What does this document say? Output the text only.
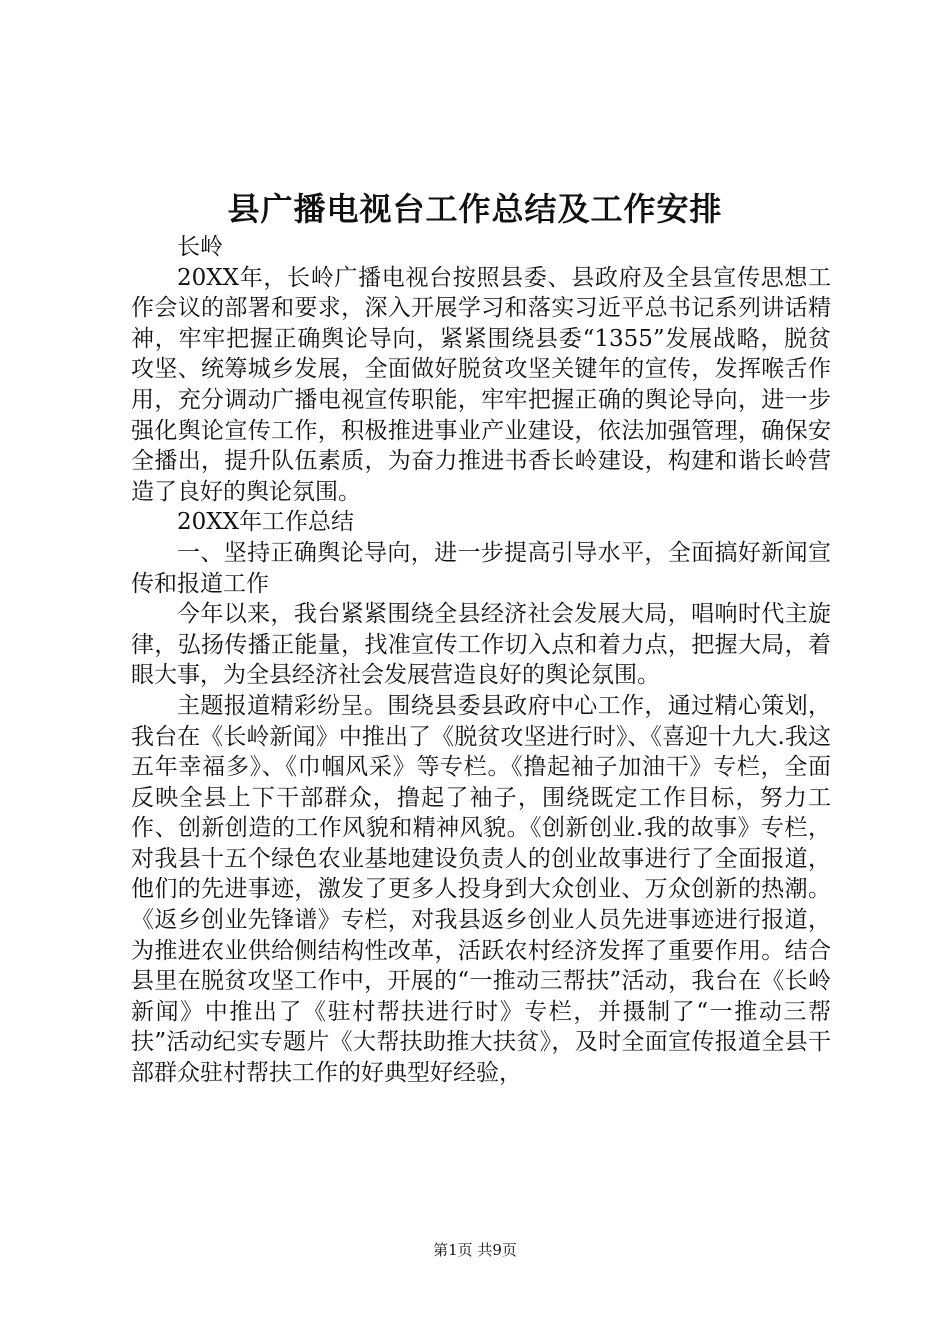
县广播电视台工作总结及工作安排

长岭

20XX年，长岭广播电视台按照县委、县政府及全县宣传思想工作会议的部署和要求，深入开展学习和落实习近平总书记系列讲话精神，牢牢把握正确舆论导向，紧紧围绕县委“1355”发展战略，脱贫攻坚、统筹城乡发展，全面做好脱贫攻坚关键年的宣传，发挥喉舌作用，充分调动广播电视宣传职能，牢牢把握正确的舆论导向，进一步强化舆论宣传工作，积极推进事业产业建设，依法加强管理，确保安全播出，提升队伍素质，为奋力推进书香长岭建设，构建和谐长岭营造了良好的舆论氛围。

20XX年工作总结

一、坚持正确舆论导向，进一步提高引导水平，全面搞好新闻宣传和报道工作

今年以来，我台紧紧围绕全县经济社会发展大局，唱响时代主旋律，弘扬传播正能量，找准宣传工作切入点和着力点，把握大局，着眼大事，为全县经济社会发展营造良好的舆论氛围。

主题报道精彩纷呈。围绕县委县政府中心工作，通过精心策划，我台在《长岭新闻》中推出了《脱贫攻坚进行时》、《喜迎十九大.我这五年幸福多》、《巾帼风采》等专栏。《撸起袖子加油干》专栏，全面反映全县上下干部群众，撸起了袖子，围绕既定工作目标，努力工作、创新创造的工作风貌和精神风貌。《创新创业.我的故事》专栏，对我县十五个绿色农业基地建设负责人的创业故事进行了全面报道，他们的先进事迹，激发了更多人投身到大众创业、万众创新的热潮。《返乡创业先锋谱》专栏，对我县返乡创业人员先进事迹进行报道，为推进农业供给侧结构性改革，活跃农村经济发挥了重要作用。结合县里在脱贫攻坚工作中，开展的“一推动三帮扶”活动，我台在《长岭新闻》中推出了《驻村帮扶进行时》专栏，并摄制了“一推动三帮扶”活动纪实专题片《大帮扶助推大扶贫》，及时全面宣传报道全县干部群众驻村帮扶工作的好典型好经验，

第1页 共9页
